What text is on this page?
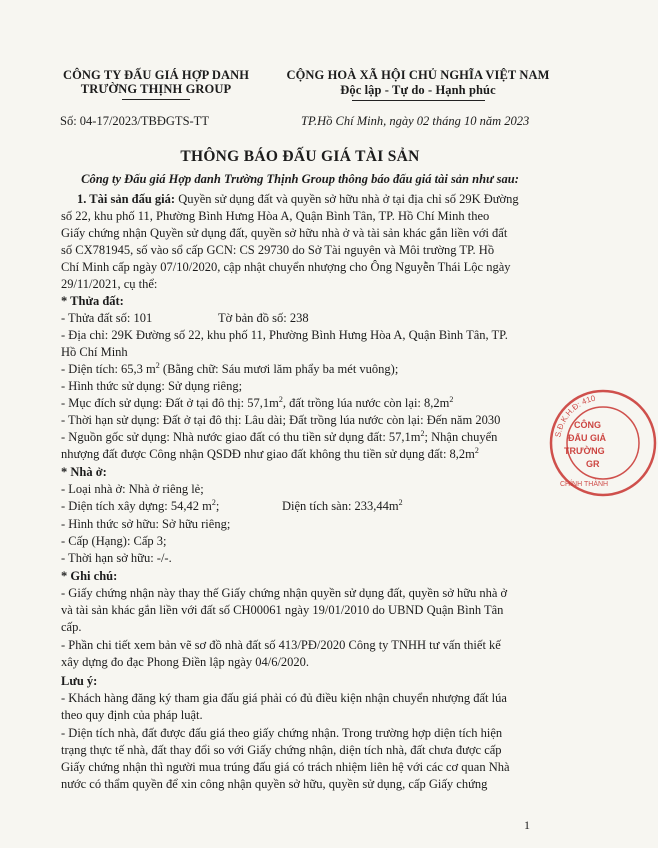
CÔNG TY ĐẤU GIÁ HỢP DANH
TRƯỜNG THỊNH GROUP
CỘNG HOÀ XÃ HỘI CHỦ NGHĨA VIỆT NAM
Độc lập - Tự do - Hạnh phúc
Số: 04-17/2023/TBĐGTS-TT	TP.Hồ Chí Minh, ngày 02 tháng 10 năm 2023
THÔNG BÁO ĐẤU GIÁ TÀI SẢN
Công ty Đấu giá Hợp danh Trường Thịnh Group thông báo đấu giá tài sản như sau:
1. Tài sản đấu giá: Quyền sử dụng đất và quyền sở hữu nhà ở tại địa chỉ số 29K Đường
số 22, khu phố 11, Phường Bình Hưng Hòa A, Quận Bình Tân, TP. Hồ Chí Minh theo
Giấy chứng nhận Quyền sử dụng đất, quyền sở hữu nhà ở và tài sản khác gắn liền với đất
số CX781945, số vào sổ cấp GCN: CS 29730 do Sở Tài nguyên và Môi trường TP. Hồ
Chí Minh cấp ngày 07/10/2020, cập nhật chuyển nhượng cho Ông Nguyễn Thái Lộc ngày
29/11/2021, cụ thể:
* Thửa đất:
- Thửa đất số: 101	Tờ bản đồ số: 238
- Địa chỉ: 29K Đường số 22, khu phố 11, Phường Bình Hưng Hòa A, Quận Bình Tân, TP.
Hồ Chí Minh
- Diện tích: 65,3 $m^2$ (Bằng chữ: Sáu mươi lăm phẩy ba mét vuông);
- Hình thức sử dụng: Sử dụng riêng;
- Mục đích sử dụng: Đất ở tại đô thị: $57,1m^2$, đất trồng lúa nước còn lại: $8,2m^2$
- Thời hạn sử dụng: Đất ở tại đô thị: Lâu dài; Đất trồng lúa nước còn lại: Đến năm 2030
- Nguồn gốc sử dụng: Nhà nước giao đất có thu tiền sử dụng đất: $57,1m^2$; Nhận chuyển
nhượng đất được Công nhận QSDĐ như giao đất không thu tiền sử dụng đất: $8,2m^2$
* Nhà ở:
- Loại nhà ở: Nhà ở riêng lẻ;
- Diện tích xây dựng: 54,42 $m^2$;	Diện tích sàn: $233,44m^2$
- Hình thức sở hữu: Sở hữu riêng;
- Cấp (Hạng): Cấp 3;
- Thời hạn sở hữu: -/-.
* Ghi chú:
- Giấy chứng nhận này thay thế Giấy chứng nhận quyền sử dụng đất, quyền sở hữu nhà ở
và tài sản khác gắn liền với đất số CH00061 ngày 19/01/2010 do UBND Quận Bình Tân
cấp.
- Phần chi tiết xem bản vẽ sơ đồ nhà đất số 413/PĐ/2020 Công ty TNHH tư vấn thiết kế
xây dựng đo đạc Phong Điền lập ngày 04/6/2020.
Lưu ý:
- Khách hàng đăng ký tham gia đấu giá phải có đủ điều kiện nhận chuyển nhượng đất lúa
theo quy định của pháp luật.
- Diện tích nhà, đất được đấu giá theo giấy chứng nhận. Trong trường hợp diện tích hiện
trạng thực tế nhà, đất thay đổi so với Giấy chứng nhận, diện tích nhà, đất chưa được cấp
Giấy chứng nhận thì người mua trúng đấu giá có trách nhiệm liên hệ với các cơ quan Nhà
nước có thẩm quyền để xin công nhận quyền sở hữu, quyền sử dụng, cấp Giấy chứng
1
S.Đ.K.H.Đ: 410
CÔNG
ĐẤU GIÁ
TRƯỜNG
GR
CHÍNH THÀNH
